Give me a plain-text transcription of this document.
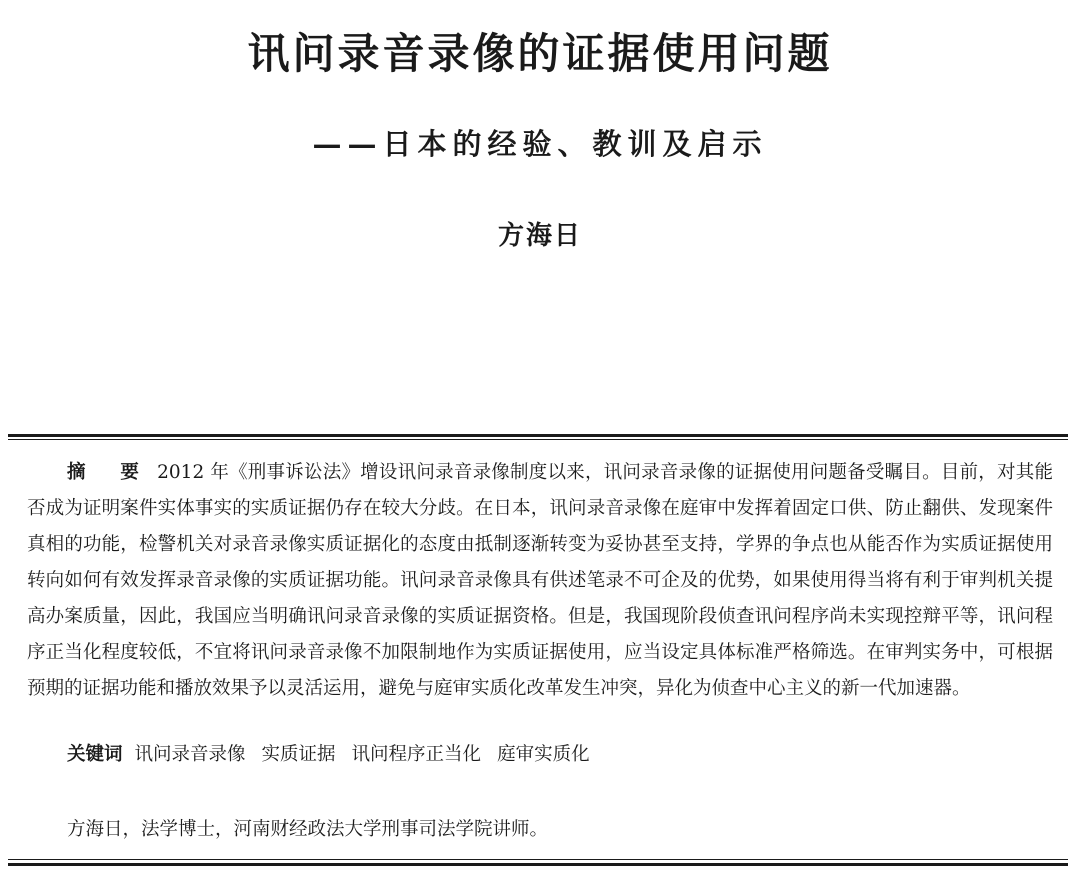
讯问录音录像的证据使用问题
——日本的经验、教训及启示
方海日

摘 要 2012 年《刑事诉讼法》增设讯问录音录像制度以来，讯问录音录像的证据使用问题备受瞩目。目前，对其能否成为证明案件实体事实的实质证据仍存在较大分歧。在日本，讯问录音录像在庭审中发挥着固定口供、防止翻供、发现案件真相的功能，检警机关对录音录像实质证据化的态度由抵制逐渐转变为妥协甚至支持，学界的争点也从能否作为实质证据使用转向如何有效发挥录音录像的实质证据功能。讯问录音录像具有供述笔录不可企及的优势，如果使用得当将有利于审判机关提高办案质量，因此，我国应当明确讯问录音录像的实质证据资格。但是，我国现阶段侦查讯问程序尚未实现控辩平等，讯问程序正当化程度较低，不宜将讯问录音录像不加限制地作为实质证据使用，应当设定具体标准严格筛选。在审判实务中，可根据预期的证据功能和播放效果予以灵活运用，避免与庭审实质化改革发生冲突，异化为侦查中心主义的新一代加速器。

关键词 讯问录音录像 实质证据 讯问程序正当化 庭审实质化

方海日，法学博士，河南财经政法大学刑事司法学院讲师。
